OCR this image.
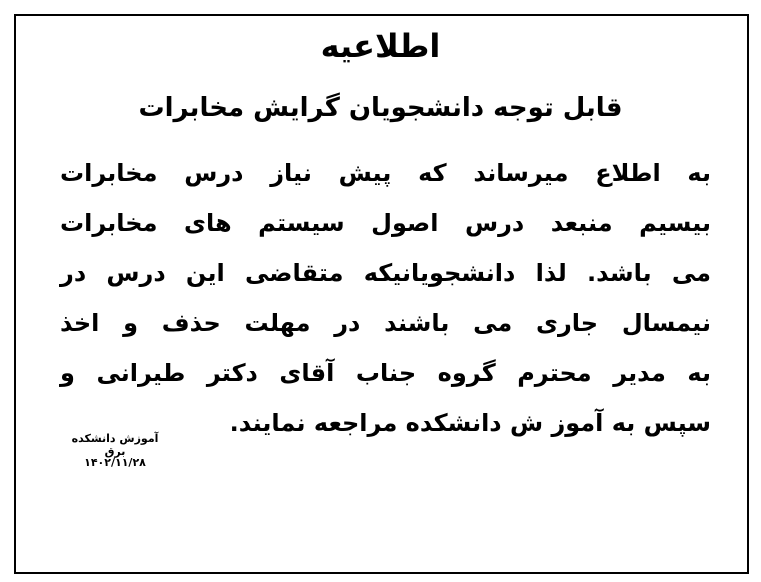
اطلاعیه
قابل توجه دانشجویان گرایش مخابرات
به اطلاع میرساند که پیش نیاز درس مخابرات
بیسیم منبعد درس اصول سیستم های مخابرات
می باشد. لذا دانشجویانیکه متقاضی این درس در
نیمسال جاری می باشند در مهلت حذف و اخذ
به مدیر محترم گروه جناب آقای دکتر طیرانی و
سپس به آموز ش دانشکده مراجعه نمایند.
آموزش دانشکده برق
۱۴۰۲/۱۱/۲۸
